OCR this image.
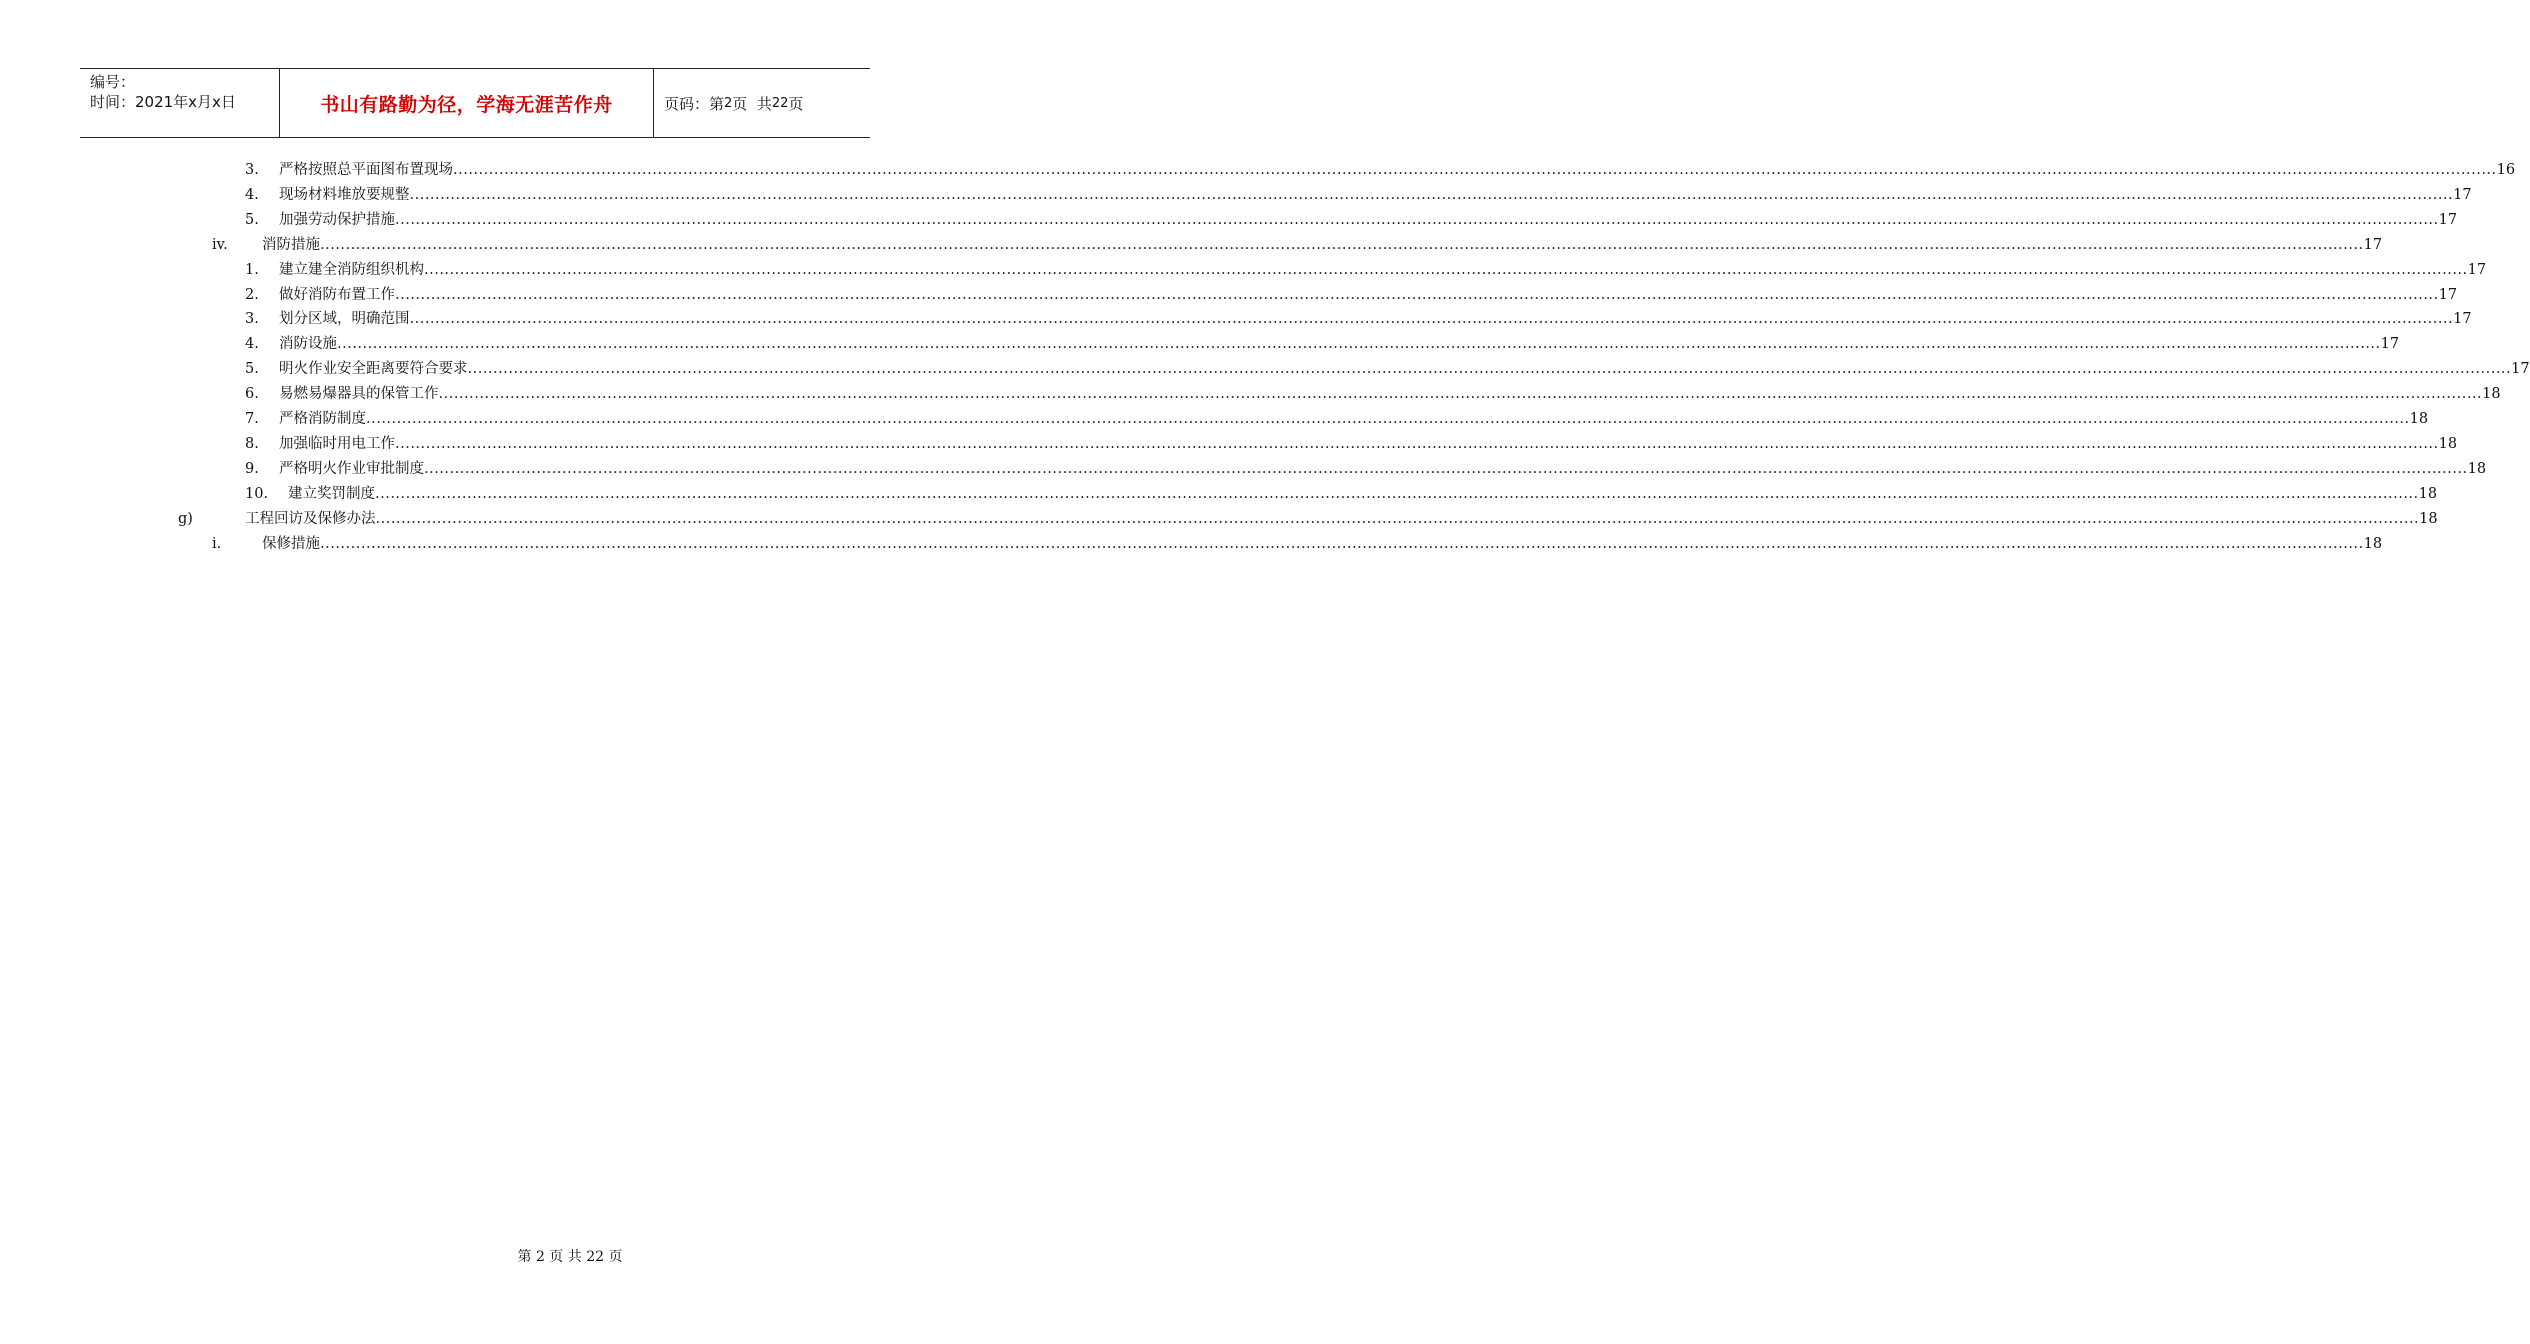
编号：
时间：2021年x月x日	书山有路勤为径，学海无涯苦作舟	页码：第 2 页  共 22 页
3. 严格按照总平面图布置现场 ................................................................................................................................................................................................................................................................................................................................................................................................................ 16
4. 现场材料堆放要规整 ................................................................................................................................................................................................................................................................................................................................................................................................................ 17
5. 加强劳动保护措施 ................................................................................................................................................................................................................................................................................................................................................................................................................ 17
iv. 消防措施 ................................................................................................................................................................................................................................................................................................................................................................................................................ 17
1. 建立建全消防组织机构 ................................................................................................................................................................................................................................................................................................................................................................................................................ 17
2. 做好消防布置工作 ................................................................................................................................................................................................................................................................................................................................................................................................................ 17
3. 划分区域，明确范围 ................................................................................................................................................................................................................................................................................................................................................................................................................ 17
4. 消防设施 ................................................................................................................................................................................................................................................................................................................................................................................................................ 17
5. 明火作业安全距离要符合要求 ................................................................................................................................................................................................................................................................................................................................................................................................................ 17
6. 易燃易爆器具的保管工作 ................................................................................................................................................................................................................................................................................................................................................................................................................ 18
7. 严格消防制度 ................................................................................................................................................................................................................................................................................................................................................................................................................ 18
8. 加强临时用电工作 ................................................................................................................................................................................................................................................................................................................................................................................................................ 18
9. 严格明火作业审批制度 ................................................................................................................................................................................................................................................................................................................................................................................................................ 18
10. 建立奖罚制度 ................................................................................................................................................................................................................................................................................................................................................................................................................ 18
g)	工程回访及保修办法 ................................................................................................................................................................................................................................................................................................................................................................................................................ 18
i.	保修措施 ................................................................................................................................................................................................................................................................................................................................................................................................................ 18
第 2 页 共 22 页
